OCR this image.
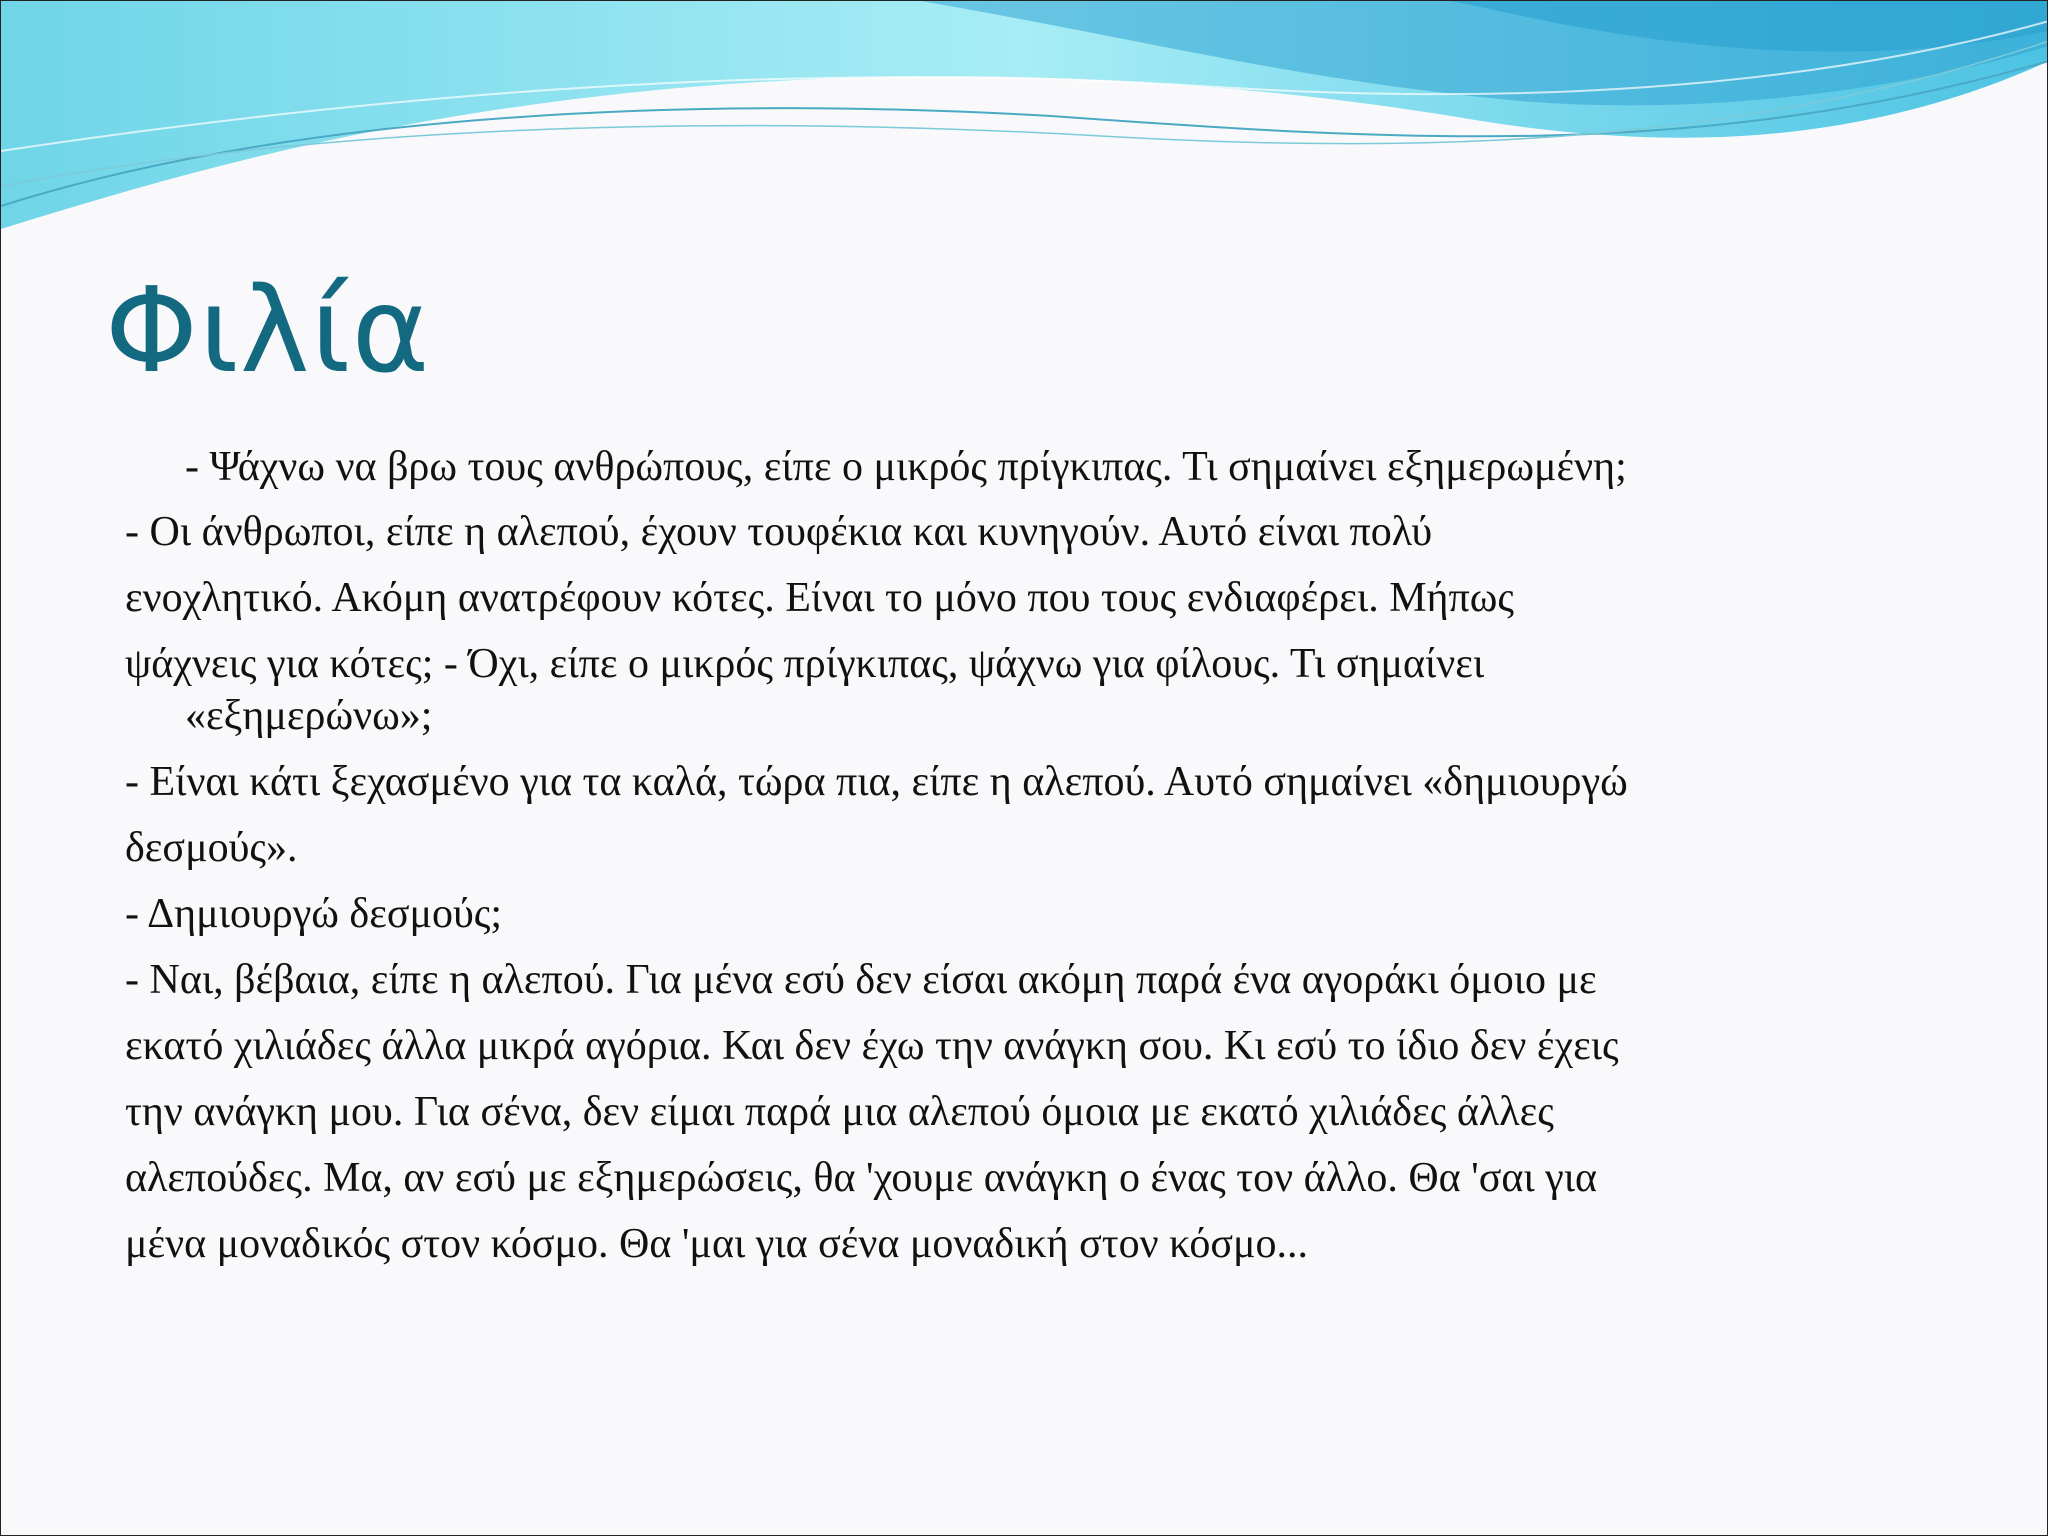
Φιλία
- Ψάχνω να βρω τους ανθρώπους, είπε ο μικρός πρίγκιπας. Τι σημαίνει εξημερωμένη;
- Οι άνθρωποι, είπε η αλεπού, έχουν τουφέκια και κυνηγούν. Αυτό είναι πολύ
ενοχλητικό. Ακόμη ανατρέφουν κότες. Είναι το μόνο που τους ενδιαφέρει. Μήπως
ψάχνεις για κότες; - Όχι, είπε ο μικρός πρίγκιπας, ψάχνω για φίλους. Τι σημαίνει
«εξημερώνω»;
- Είναι κάτι ξεχασμένο για τα καλά, τώρα πια, είπε η αλεπού. Αυτό σημαίνει «δημιουργώ
δεσμούς».
- Δημιουργώ δεσμούς;
- Ναι, βέβαια, είπε η αλεπού. Για μένα εσύ δεν είσαι ακόμη παρά ένα αγοράκι όμοιο με
εκατό χιλιάδες άλλα μικρά αγόρια. Και δεν έχω την ανάγκη σου. Κι εσύ το ίδιο δεν έχεις
την ανάγκη μου. Για σένα, δεν είμαι παρά μια αλεπού όμοια με εκατό χιλιάδες άλλες
αλεπούδες. Μα, αν εσύ με εξημερώσεις, θα 'χουμε ανάγκη ο ένας τον άλλο. Θα 'σαι για
μένα μοναδικός στον κόσμο. Θα 'μαι για σένα μοναδική στον κόσμο...
